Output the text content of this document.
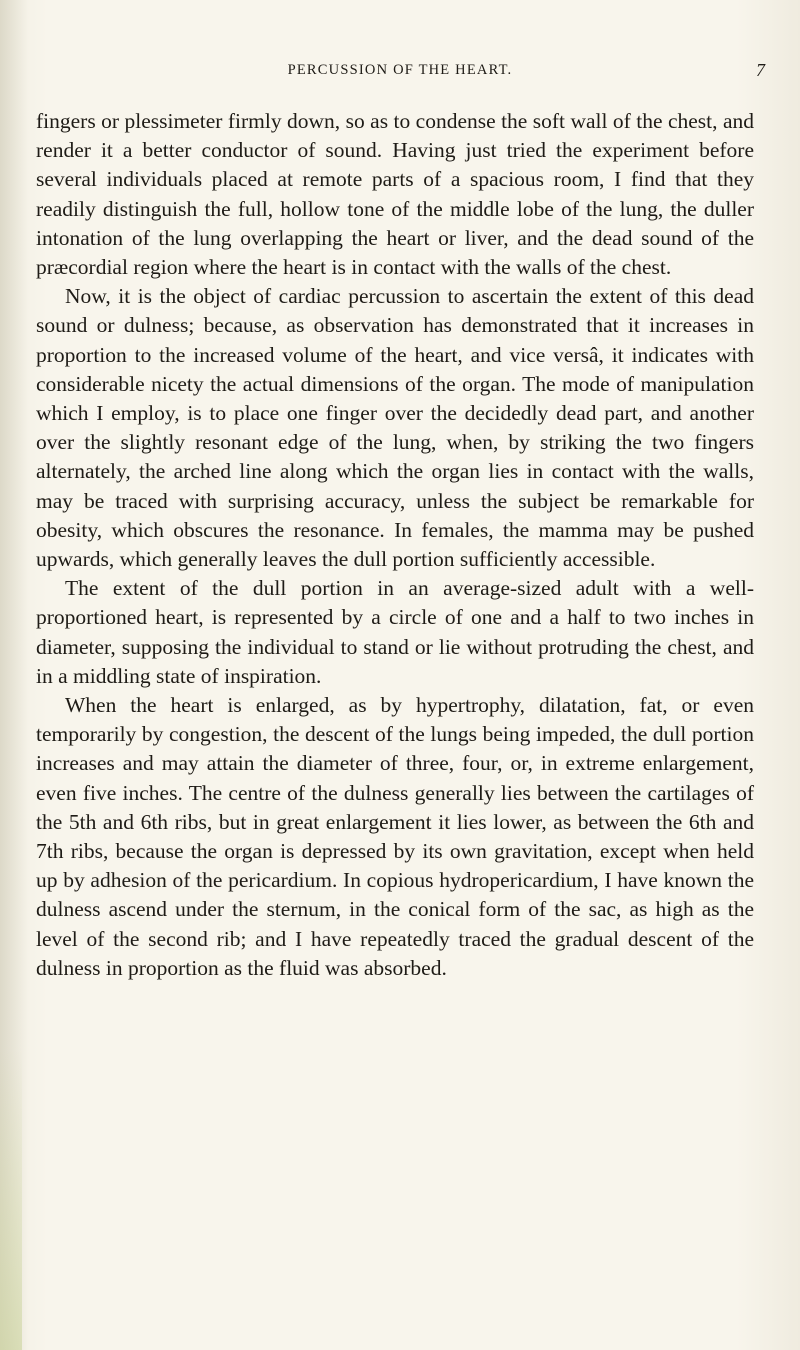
PERCUSSION OF THE HEART.	7

fingers or plessimeter firmly down, so as to condense the soft wall of the chest, and render it a better conductor of sound. Having just tried the experiment before several individuals placed at remote parts of a spacious room, I find that they readily distinguish the full, hollow tone of the middle lobe of the lung, the duller intonation of the lung overlapping the heart or liver, and the dead sound of the præcordial region where the heart is in contact with the walls of the chest.

Now, it is the object of cardiac percussion to ascertain the extent of this dead sound or dulness; because, as observation has demonstrated that it increases in proportion to the increased volume of the heart, and vice versâ, it indicates with considerable nicety the actual dimensions of the organ. The mode of manipulation which I employ, is to place one finger over the decidedly dead part, and another over the slightly resonant edge of the lung, when, by striking the two fingers alternately, the arched line along which the organ lies in contact with the walls, may be traced with surprising accuracy, unless the subject be remarkable for obesity, which obscures the resonance. In females, the mamma may be pushed upwards, which generally leaves the dull portion sufficiently accessible.

The extent of the dull portion in an average-sized adult with a well-proportioned heart, is represented by a circle of one and a half to two inches in diameter, supposing the individual to stand or lie without protruding the chest, and in a middling state of inspiration.

When the heart is enlarged, as by hypertrophy, dilatation, fat, or even temporarily by congestion, the descent of the lungs being impeded, the dull portion increases and may attain the diameter of three, four, or, in extreme enlargement, even five inches. The centre of the dulness generally lies between the cartilages of the 5th and 6th ribs, but in great enlargement it lies lower, as between the 6th and 7th ribs, because the organ is depressed by its own gravitation, except when held up by adhesion of the pericardium. In copious hydropericardium, I have known the dulness ascend under the sternum, in the conical form of the sac, as high as the level of the second rib; and I have repeatedly traced the gradual descent of the dulness in proportion as the fluid was absorbed.
